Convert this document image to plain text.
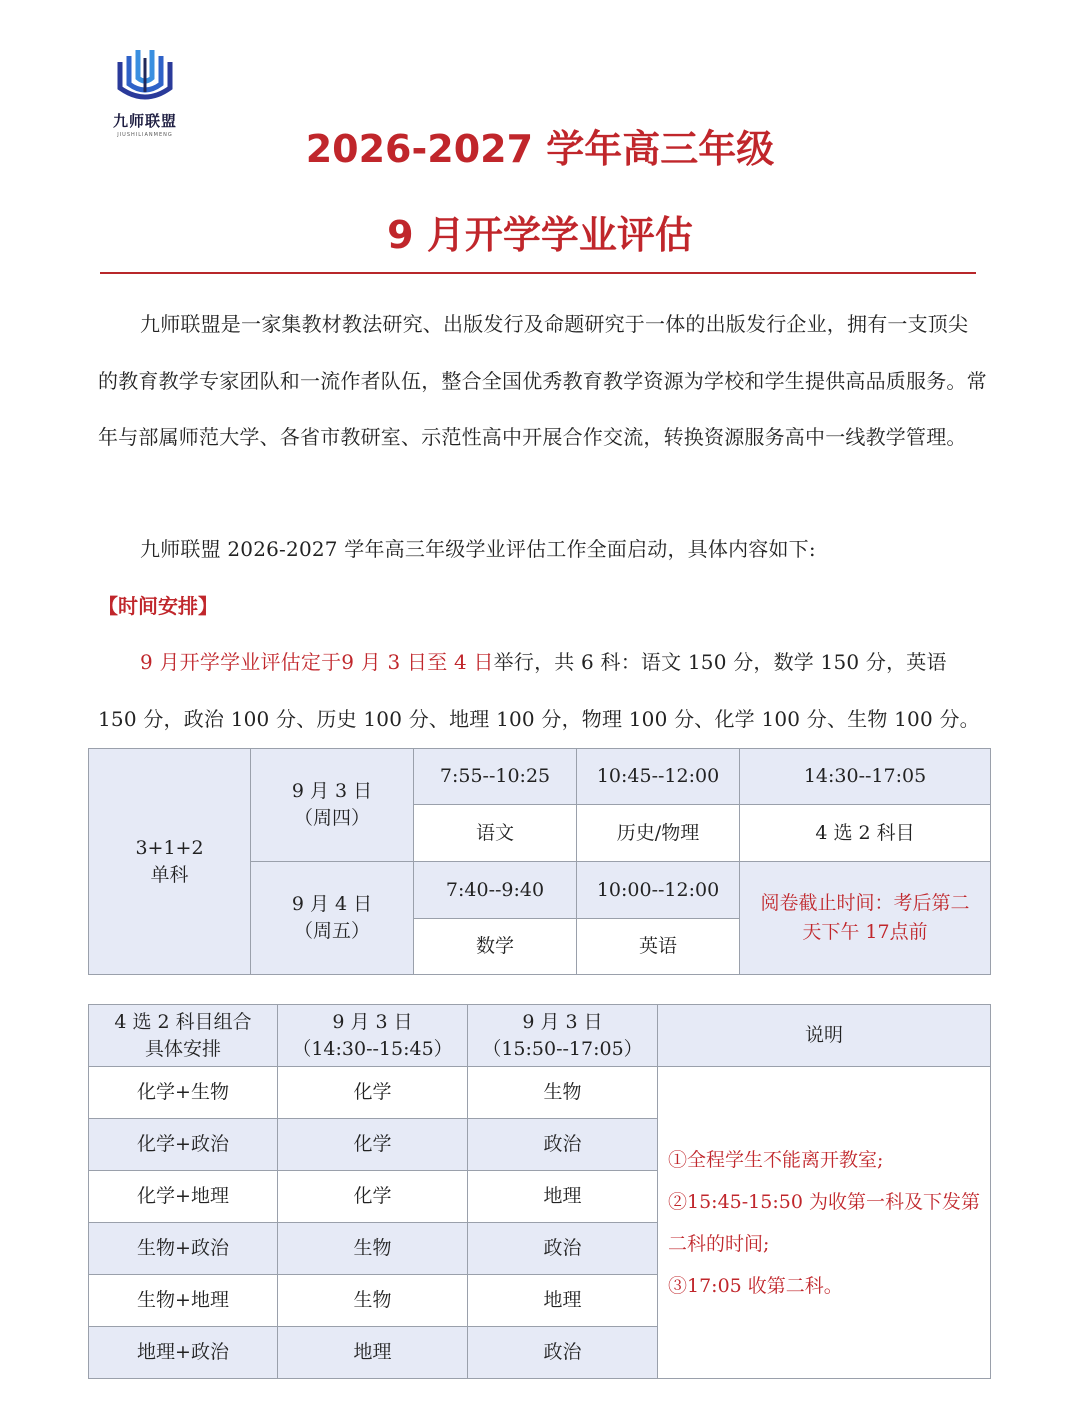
九师联盟
JIUSHILIANMENG	2026-2027 学年高三年级
9 月开学学业评估
九师联盟是一家集教材教法研究、出版发行及命题研究于一体的出版发行企业，拥有一支顶尖的教育教学专家团队和一流作者队伍，整合全国优秀教育教学资源为学校和学生提供高品质服务。常年与部属师范大学、各省市教研室、示范性高中开展合作交流，转换资源服务高中一线教学管理。
九师联盟 2026-2027 学年高三年级学业评估工作全面启动，具体内容如下:
【时间安排】
9 月开学学业评估定于9 月 3 日至 4 日举行，共 6 科：语文 150 分，数学 150 分，英语 150 分，政治 100 分、历史 100 分、地理 100 分，物理 100 分、化学 100 分、生物 100 分。
3+1+2
单科	9 月 3 日
（周四）	7:55--10:25	10:45--12:00	14:30--17:05
		语文	历史/物理	4 选 2 科目
	9 月 4 日
（周五）	7:40--9:40	10:00--12:00	阅卷截止时间：考后第二天下午 17点前
		数学	英语	
4 选 2 科目组合
具体安排	9 月 3 日
（14:30--15:45）	9 月 3 日
（15:50--17:05）	说明
化学+生物	化学	生物	①全程学生不能离开教室;
②15:45-15:50 为收第一科及下发第二科的时间;
③17:05 收第二科。

化学+政治	化学	政治	
化学+地理	化学	地理	
生物+政治	生物	政治	
生物+地理	生物	地理	
地理+政治	地理	政治	
